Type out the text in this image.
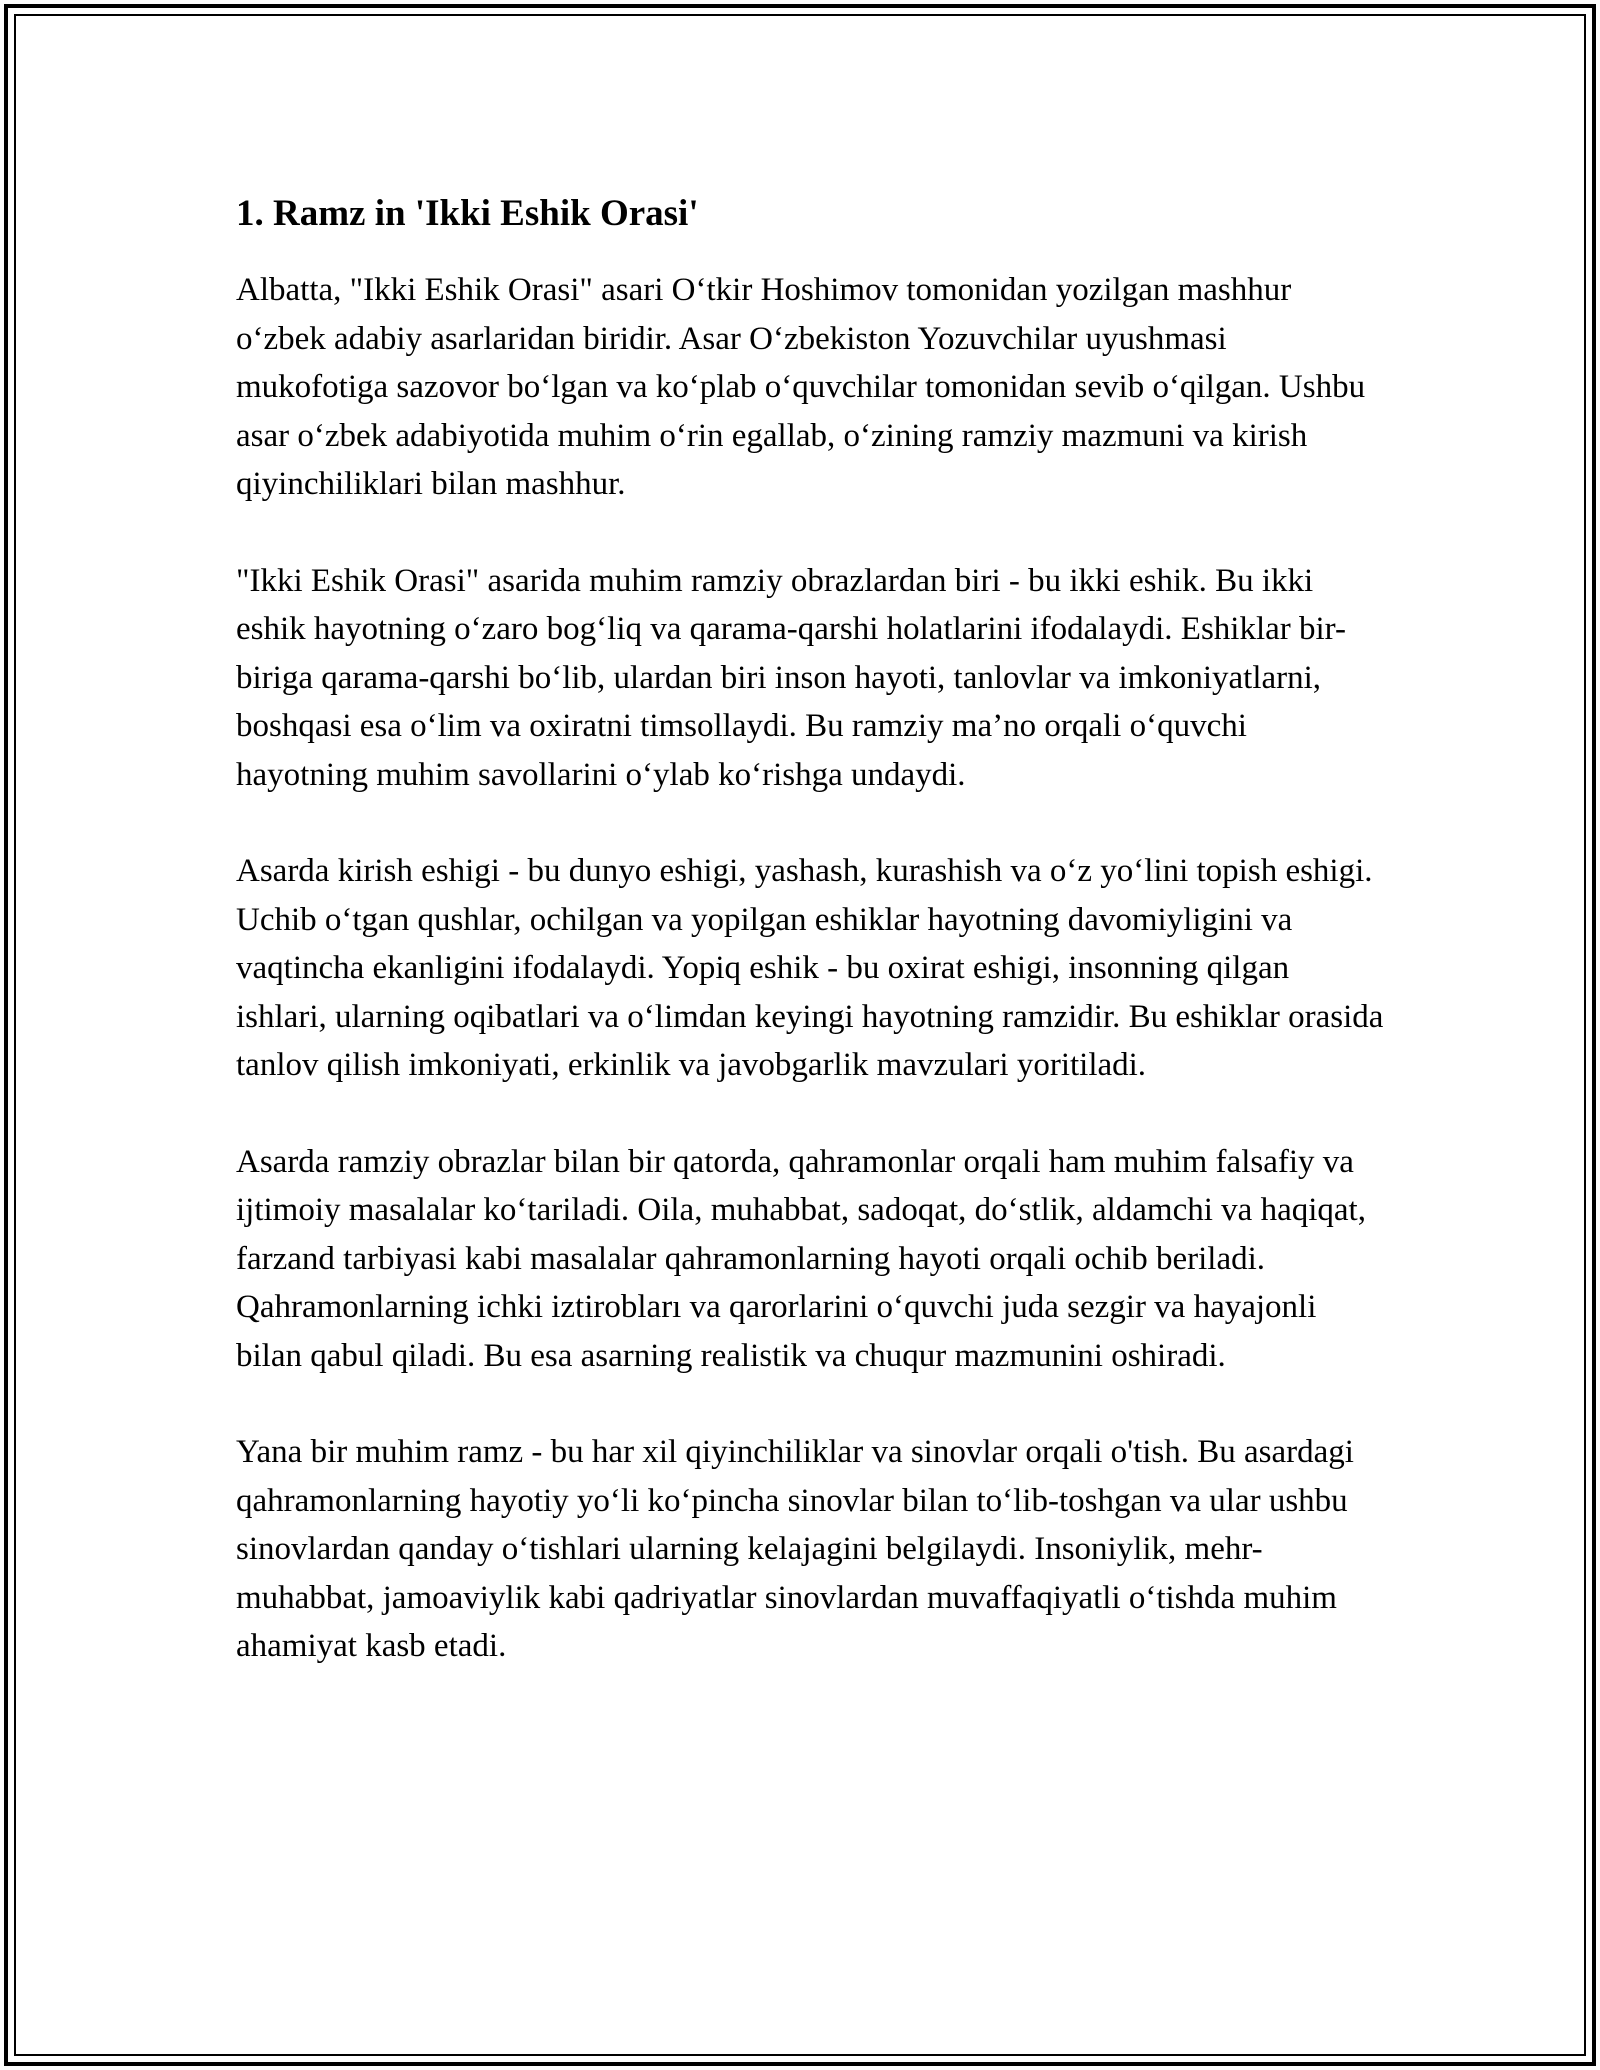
1. Ramz in 'Ikki Eshik Orasi'

Albatta, "Ikki Eshik Orasi" asari O‘tkir Hoshimov tomonidan yozilgan mashhur o‘zbek adabiy asarlaridan biridir. Asar O‘zbekiston Yozuvchilar uyushmasi mukofotiga sazovor bo‘lgan va ko‘plab o‘quvchilar tomonidan sevib o‘qilgan. Ushbu asar o‘zbek adabiyotida muhim o‘rin egallab, o‘zining ramziy mazmuni va kirish qiyinchiliklari bilan mashhur.

"Ikki Eshik Orasi" asarida muhim ramziy obrazlardan biri - bu ikki eshik. Bu ikki eshik hayotning o‘zaro bog‘liq va qarama-qarshi holatlarini ifodalaydi. Eshiklar bir-biriga qarama-qarshi bo‘lib, ulardan biri inson hayoti, tanlovlar va imkoniyatlarni, boshqasi esa o‘lim va oxiratni timsollaydi. Bu ramziy ma’no orqali o‘quvchi hayotning muhim savollarini o‘ylab ko‘rishga undaydi.

Asarda kirish eshigi - bu dunyo eshigi, yashash, kurashish va o‘z yo‘lini topish eshigi. Uchib o‘tgan qushlar, ochilgan va yopilgan eshiklar hayotning davomiyligini va vaqtincha ekanligini ifodalaydi. Yopiq eshik - bu oxirat eshigi, insonning qilgan ishlari, ularning oqibatlari va o‘limdan keyingi hayotning ramzidir. Bu eshiklar orasida tanlov qilish imkoniyati, erkinlik va javobgarlik mavzulari yoritiladi.

Asarda ramziy obrazlar bilan bir qatorda, qahramonlar orqali ham muhim falsafiy va ijtimoiy masalalar ko‘tariladi. Oila, muhabbat, sadoqat, do‘stlik, aldamchi va haqiqat, farzand tarbiyasi kabi masalalar qahramonlarning hayoti orqali ochib beriladi. Qahramonlarning ichki iztirobları va qarorlarini o‘quvchi juda sezgir va hayajonli bilan qabul qiladi. Bu esa asarning realistik va chuqur mazmunini oshiradi.

Yana bir muhim ramz - bu har xil qiyinchiliklar va sinovlar orqali o'tish. Bu asardagi qahramonlarning hayotiy yo‘li ko‘pincha sinovlar bilan to‘lib-toshgan va ular ushbu sinovlardan qanday o‘tishlari ularning kelajagini belgilaydi. Insoniylik, mehr-muhabbat, jamoaviylik kabi qadriyatlar sinovlardan muvaffaqiyatli o‘tishda muhim ahamiyat kasb etadi.
